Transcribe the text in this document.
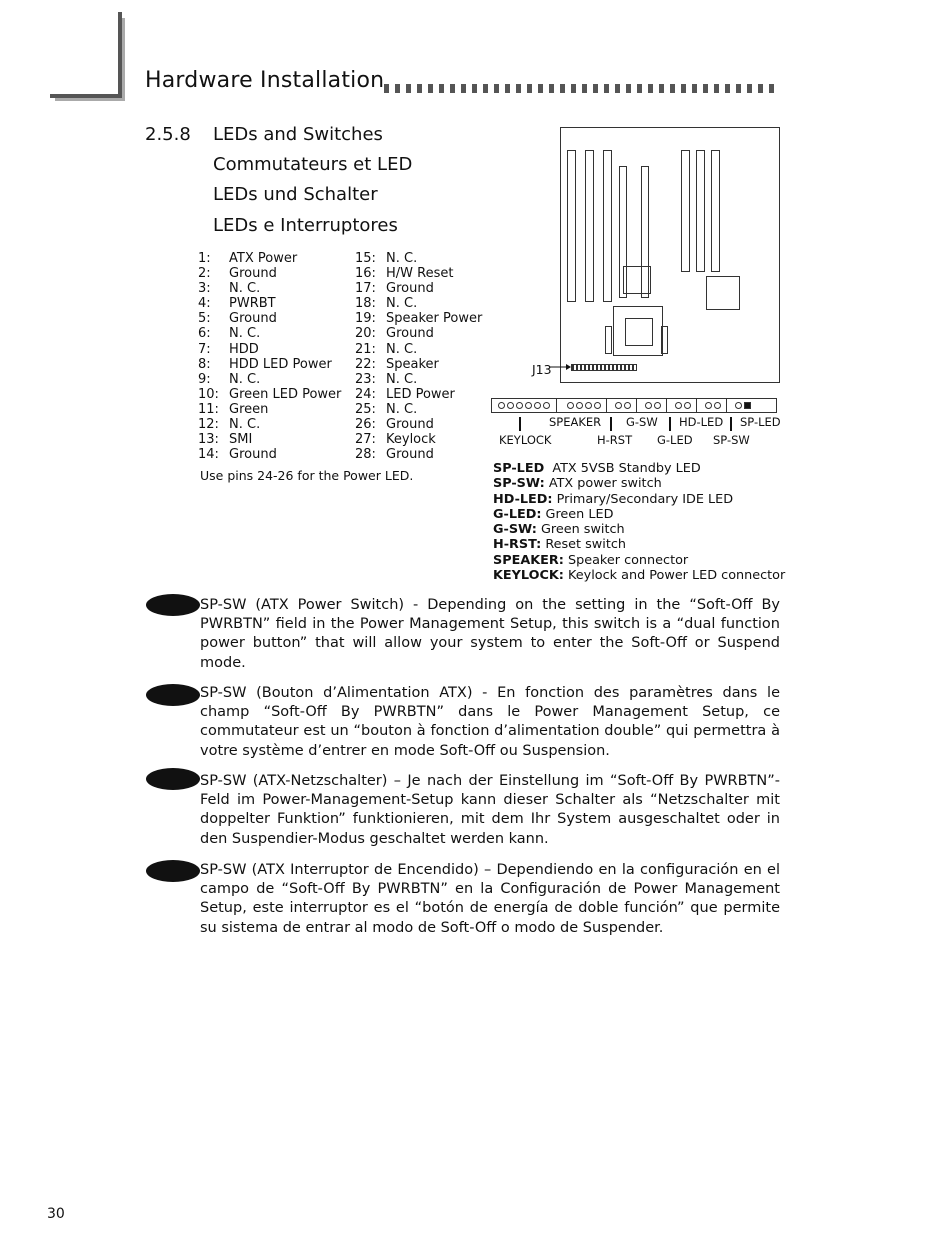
Hardware Installation
2.5.8 LEDs and Switches
Commutateurs et LED
LEDs und Schalter
LEDs e Interruptores
1:	ATX Power
2:	Ground
3:	N. C.
4:	PWRBT
5:	Ground
6:	N. C.
7:	HDD
8:	HDD LED Power
9:	N. C.
10: Green LED Power
11: Green
12: N. C.
13: SMI
14: Ground
15: N. C.
16: H/W Reset
17: Ground
18: N. C.
19: Speaker Power
20: Ground
21: N. C.
22: Speaker
23: N. C.
24: LED Power
25: N. C.
26: Ground
27: Keylock
28: Ground
Use pins 24-26 for the Power LED.
J13
SPEAKER G-SW HD-LED SP-LED
KEYLOCK	H-RST G-LED SP-SW
SP-LED ATX 5VSB Standby LED
SP-SW: ATX power switch
HD-LED: Primary/Secondary IDE LED
G-LED: Green LED
G-SW: Green switch
H-RST: Reset switch
SPEAKER: Speaker connector
KEYLOCK: Keylock and Power LED connector
SP-SW (ATX Power Switch) - Depending on the setting in the “Soft-Off By PWRBTN” field in the Power Management Setup, this switch is a “dual function power button” that will allow your system to enter the Soft-Off or Suspend mode.
SP-SW (Bouton d’Alimentation ATX) - En fonction des paramètres dans le champ “Soft-Off By PWRBTN” dans le Power Management Setup, ce commutateur est un “bouton à fonction d’alimentation double” qui permettra à votre système d’entrer en mode Soft-Off ou Suspension.
SP-SW (ATX-Netzschalter) – Je nach der Einstellung im “Soft-Off By PWRBTN”-Feld im Power-Management-Setup kann dieser Schalter als “Netzschalter mit doppelter Funktion” funktionieren, mit dem Ihr System ausgeschaltet oder in den Suspendier-Modus geschaltet werden kann.
SP-SW (ATX Interruptor de Encendido) – Dependiendo en la configuración en el campo de “Soft-Off By PWRBTN” en la Configuración de Power Management Setup, este interruptor es el “botón de energía de doble función” que permite su sistema de entrar al modo de Soft-Off o modo de Suspender.
30
